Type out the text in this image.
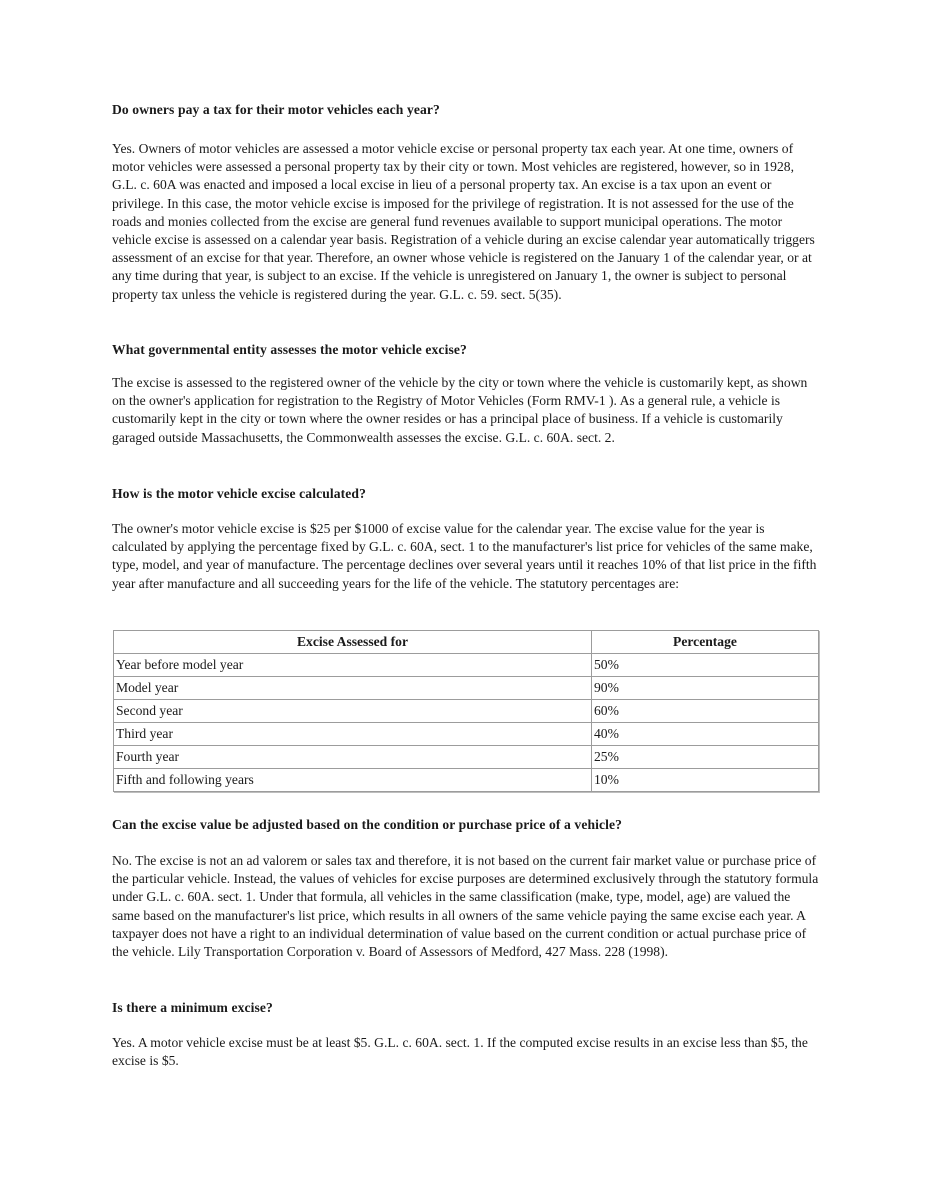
Do owners pay a tax for their motor vehicles each year?
Yes. Owners of motor vehicles are assessed a motor vehicle excise or personal property tax each year. At one time, owners of motor vehicles were assessed a personal property tax by their city or town. Most vehicles are registered, however, so in 1928, G.L. c. 60A was enacted and imposed a local excise in lieu of a personal property tax. An excise is a tax upon an event or privilege. In this case, the motor vehicle excise is imposed for the privilege of registration. It is not assessed for the use of the roads and monies collected from the excise are general fund revenues available to support municipal operations. The motor vehicle excise is assessed on a calendar year basis. Registration of a vehicle during an excise calendar year automatically triggers assessment of an excise for that year. Therefore, an owner whose vehicle is registered on the January 1 of the calendar year, or at any time during that year, is subject to an excise. If the vehicle is unregistered on January 1, the owner is subject to personal property tax unless the vehicle is registered during the year. G.L. c. 59. sect. 5(35).
What governmental entity assesses the motor vehicle excise?
The excise is assessed to the registered owner of the vehicle by the city or town where the vehicle is customarily kept, as shown on the owner's application for registration to the Registry of Motor Vehicles (Form RMV-1 ). As a general rule, a vehicle is customarily kept in the city or town where the owner resides or has a principal place of business. If a vehicle is customarily garaged outside Massachusetts, the Commonwealth assesses the excise. G.L. c. 60A. sect. 2.
How is the motor vehicle excise calculated?
The owner's motor vehicle excise is $25 per $1000 of excise value for the calendar year. The excise value for the year is calculated by applying the percentage fixed by G.L. c. 60A, sect. 1 to the manufacturer's list price for vehicles of the same make, type, model, and year of manufacture. The percentage declines over several years until it reaches 10% of that list price in the fifth year after manufacture and all succeeding years for the life of the vehicle. The statutory percentages are:
Excise Assessed for	Percentage
Year before model year	50%
Model year	90%
Second year	60%
Third year	40%
Fourth year	25%
Fifth and following years	10%
Can the excise value be adjusted based on the condition or purchase price of a vehicle?
No. The excise is not an ad valorem or sales tax and therefore, it is not based on the current fair market value or purchase price of the particular vehicle. Instead, the values of vehicles for excise purposes are determined exclusively through the statutory formula under G.L. c. 60A. sect. 1. Under that formula, all vehicles in the same classification (make, type, model, age) are valued the same based on the manufacturer's list price, which results in all owners of the same vehicle paying the same excise each year. A taxpayer does not have a right to an individual determination of value based on the current condition or actual purchase price of the vehicle. Lily Transportation Corporation v. Board of Assessors of Medford, 427 Mass. 228 (1998).
Is there a minimum excise?
Yes. A motor vehicle excise must be at least $5. G.L. c. 60A. sect. 1. If the computed excise results in an excise less than $5, the excise is $5.
